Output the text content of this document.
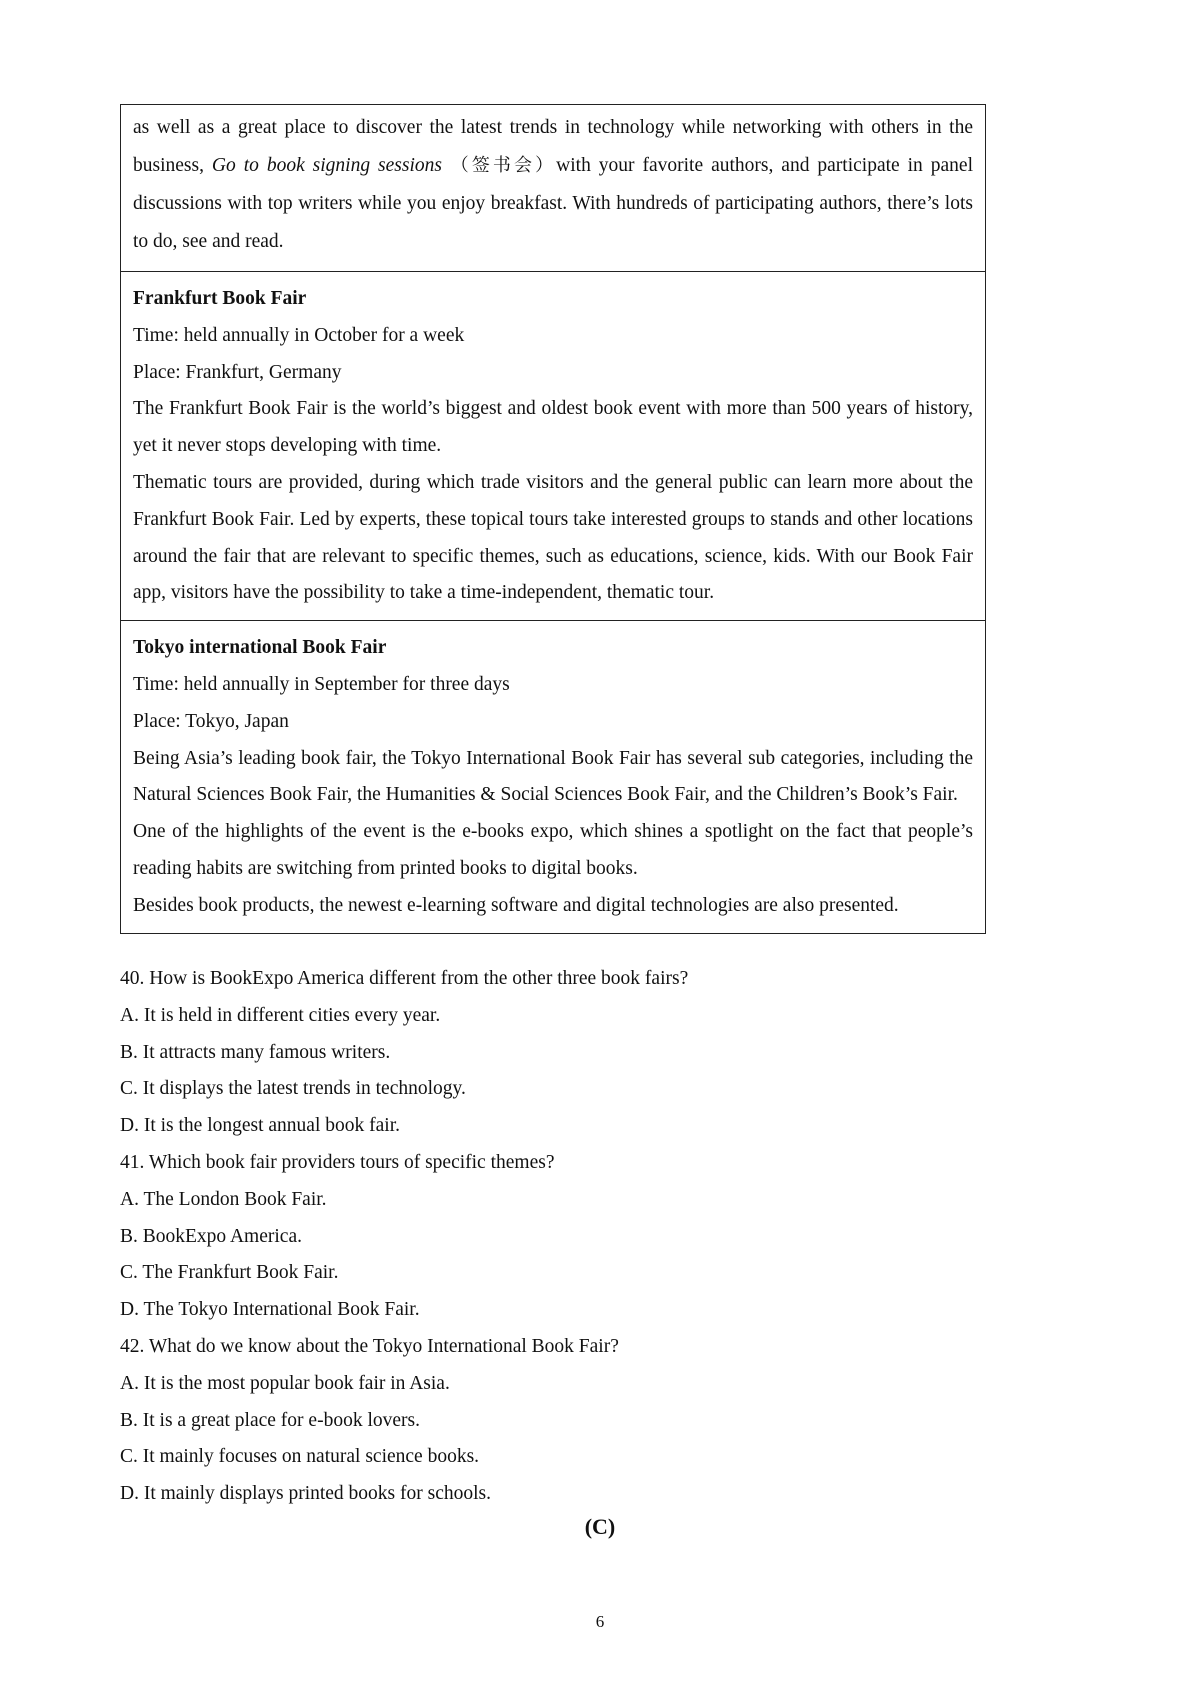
as well as a great place to discover the latest trends in technology while networking with others in the business, Go to book signing sessions （签书会）with your favorite authors, and participate in panel discussions with top writers while you enjoy breakfast. With hundreds of participating authors, there’s lots to do, see and read.

Frankfurt Book Fair

Time: held annually in October for a week

Place: Frankfurt, Germany

The Frankfurt Book Fair is the world’s biggest and oldest book event with more than 500 years of history, yet it never stops developing with time.

Thematic tours are provided, during which trade visitors and the general public can learn more about the Frankfurt Book Fair. Led by experts, these topical tours take interested groups to stands and other locations around the fair that are relevant to specific themes, such as educations, science, kids. With our Book Fair app, visitors have the possibility to take a time-independent, thematic tour.

Tokyo international Book Fair

Time: held annually in September for three days

Place: Tokyo, Japan

Being Asia’s leading book fair, the Tokyo International Book Fair has several sub categories, including the Natural Sciences Book Fair, the Humanities & Social Sciences Book Fair, and the Children’s Book’s Fair.

One of the highlights of the event is the e-books expo, which shines a spotlight on the fact that people’s reading habits are switching from printed books to digital books.

Besides book products, the newest e-learning software and digital technologies are also presented.

40. How is BookExpo America different from the other three book fairs?

A. It is held in different cities every year.

B. It attracts many famous writers.

C. It displays the latest trends in technology.

D. It is the longest annual book fair.

41. Which book fair providers tours of specific themes?

A. The London Book Fair.

B. BookExpo America.

C. The Frankfurt Book Fair.

D. The Tokyo International Book Fair.

42. What do we know about the Tokyo International Book Fair?

A. It is the most popular book fair in Asia.

B. It is a great place for e-book lovers.

C. It mainly focuses on natural science books.

D. It mainly displays printed books for schools.

(C)
6
